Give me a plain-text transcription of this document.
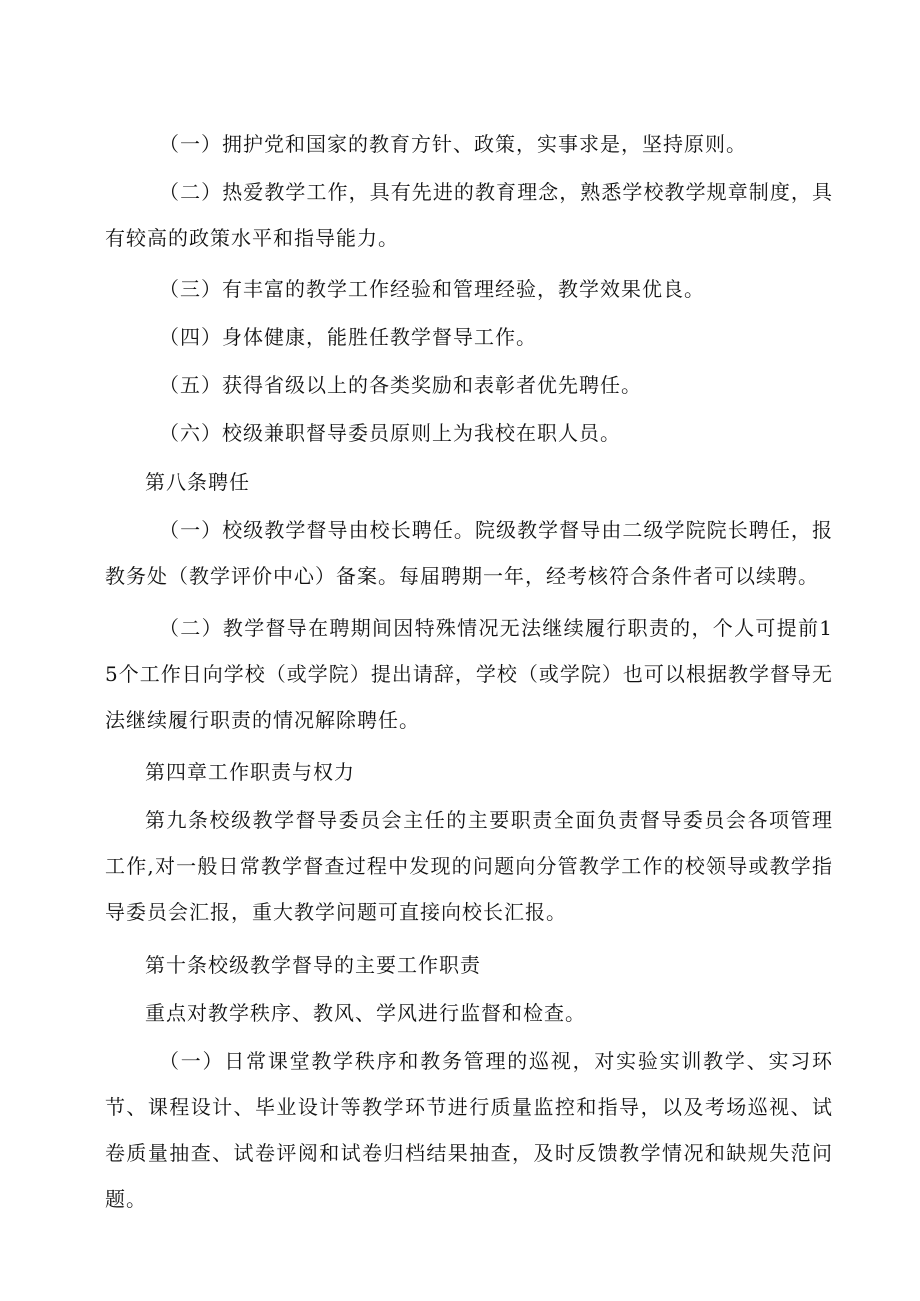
（一）拥护党和国家的教育方针、政策，实事求是，坚持原则。

（二）热爱教学工作，具有先进的教育理念，熟悉学校教学规章制度，具有较高的政策水平和指导能力。

（三）有丰富的教学工作经验和管理经验，教学效果优良。

（四）身体健康，能胜任教学督导工作。

（五）获得省级以上的各类奖励和表彰者优先聘任。

（六）校级兼职督导委员原则上为我校在职人员。

第八条聘任

（一）校级教学督导由校长聘任。院级教学督导由二级学院院长聘任，报教务处（教学评价中心）备案。每届聘期一年，经考核符合条件者可以续聘。

（二）教学督导在聘期间因特殊情况无法继续履行职责的，个人可提前15个工作日向学校（或学院）提出请辞，学校（或学院）也可以根据教学督导无法继续履行职责的情况解除聘任。

第四章工作职责与权力

第九条校级教学督导委员会主任的主要职责全面负责督导委员会各项管理工作,对一般日常教学督查过程中发现的问题向分管教学工作的校领导或教学指导委员会汇报，重大教学问题可直接向校长汇报。

第十条校级教学督导的主要工作职责

重点对教学秩序、教风、学风进行监督和检查。

（一）日常课堂教学秩序和教务管理的巡视，对实验实训教学、实习环节、课程设计、毕业设计等教学环节进行质量监控和指导，以及考场巡视、试卷质量抽查、试卷评阅和试卷归档结果抽查，及时反馈教学情况和缺规失范问题。
